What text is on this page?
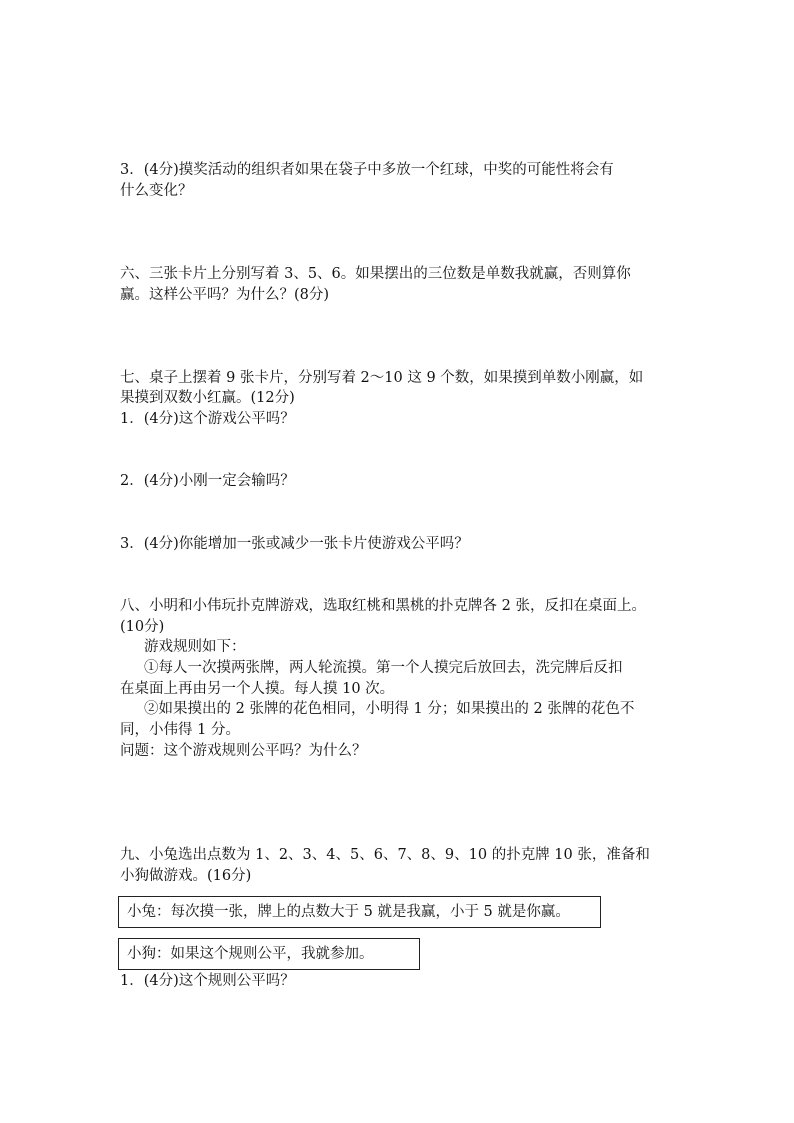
3．(4分)摸奖活动的组织者如果在袋子中多放一个红球，中奖的可能性将会有
什么变化？
六、三张卡片上分别写着 3、5、6。如果摆出的三位数是单数我就赢，否则算你
赢。这样公平吗？为什么？(8分)
七、桌子上摆着 9 张卡片，分别写着 2～10 这 9 个数，如果摸到单数小刚赢，如
果摸到双数小红赢。(12分)
1．(4分)这个游戏公平吗？
2．(4分)小刚一定会输吗？
3．(4分)你能增加一张或减少一张卡片使游戏公平吗？
八、小明和小伟玩扑克牌游戏，选取红桃和黑桃的扑克牌各 2 张，反扣在桌面上。
(10分)
游戏规则如下：
①每人一次摸两张牌，两人轮流摸。第一个人摸完后放回去，洗完牌后反扣
在桌面上再由另一个人摸。每人摸 10 次。
②如果摸出的 2 张牌的花色相同，小明得 1 分；如果摸出的 2 张牌的花色不
同，小伟得 1 分。
问题：这个游戏规则公平吗？为什么？
九、小兔选出点数为 1、2、3、4、5、6、7、8、9、10 的扑克牌 10 张，准备和
小狗做游戏。(16分)
小兔：每次摸一张，牌上的点数大于 5 就是我赢，小于 5 就是你赢。
小狗：如果这个规则公平，我就参加。
1．(4分)这个规则公平吗？
